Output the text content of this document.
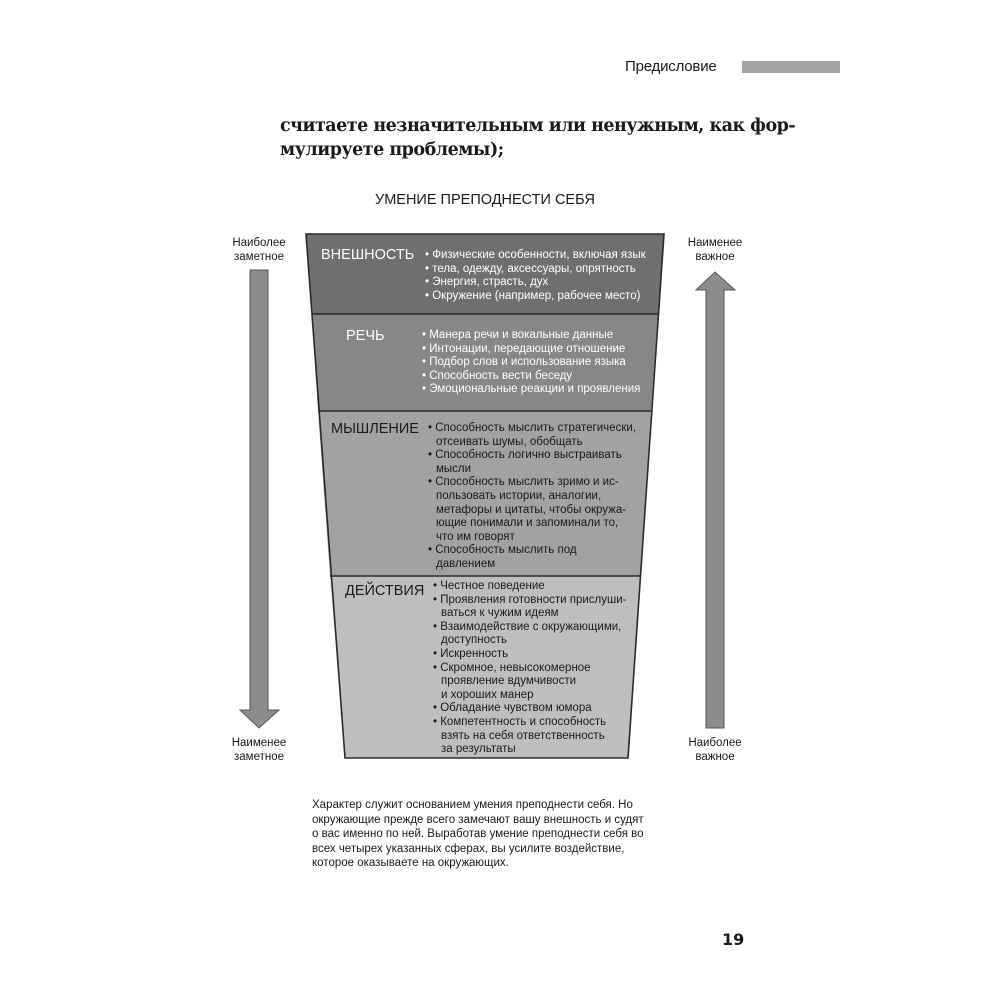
Предисловие
считаете незначительным или ненужным, как фор-
мулируете проблемы);
УМЕНИЕ ПРЕПОДНЕСТИ СЕБЯ
Наиболее
заметное
Наименее
заметное
Наименее
важное
Наиболее
важное
ВНЕШНОСТЬ • Физические особенности, включая язык
• тела, одежду, аксессуары, опрятность
• Энергия, страсть, дух
• Окружение (например, рабочее место)
РЕЧЬ	• Манера речи и вокальные данные
• Интонации, передающие отношение
• Подбор слов и использование языка
• Способность вести беседу
• Эмоциональные реакции и проявления
МЫШЛЕНИЕ • Способность мыслить стратегически,
отсеивать шумы, обобщать
• Способность логично выстраивать
мысли
• Способность мыслить зримо и ис-
пользовать истории, аналогии,
метафоры и цитаты, чтобы окружа-
ющие понимали и запоминали то,
что им говорят
• Способность мыслить под
давлением
ДЕЙСТВИЯ • Честное поведение
• Проявления готовности прислуши-
ваться к чужим идеям
• Взаимодействие с окружающими,
доступность
• Искренность
• Скромное, невысокомерное
проявление вдумчивости
и хороших манер
• Обладание чувством юмора
• Компетентность и способность
взять на себя ответственность
за результаты
Характер служит основанием умения преподнести себя. Но
окружающие прежде всего замечают вашу внешность и судят
о вас именно по ней. Выработав умение преподнести себя во
всех четырех указанных сферах, вы усилите воздействие,
которое оказываете на окружающих.
19
